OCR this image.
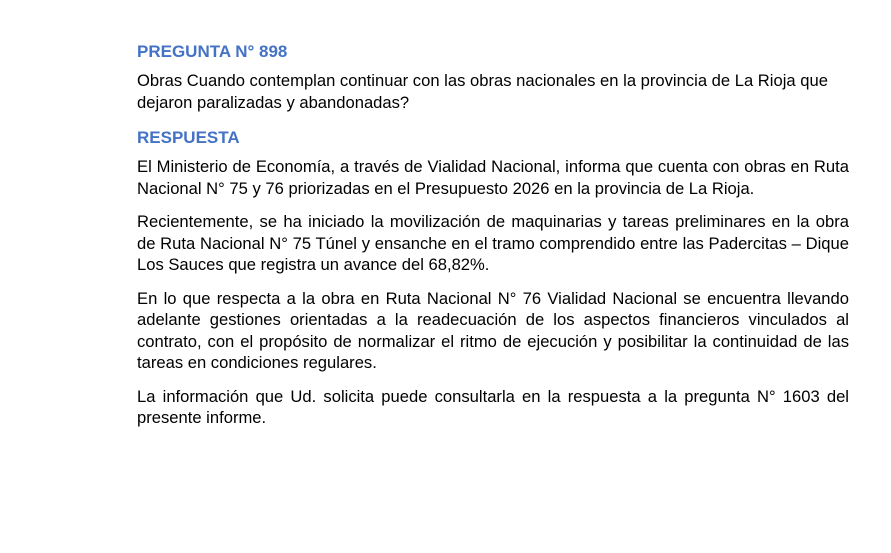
PREGUNTA N° 898

Obras Cuando contemplan continuar con las obras nacionales en la provincia de La Rioja que dejaron paralizadas y abandonadas?

RESPUESTA

El Ministerio de Economía, a través de Vialidad Nacional, informa que cuenta con obras en Ruta Nacional N° 75 y 76 priorizadas en el Presupuesto 2026 en la provincia de La Rioja.

Recientemente, se ha iniciado la movilización de maquinarias y tareas preliminares en la obra de Ruta Nacional N° 75 Túnel y ensanche en el tramo comprendido entre las Padercitas – Dique Los Sauces que registra un avance del 68,82%.

En lo que respecta a la obra en Ruta Nacional N° 76 Vialidad Nacional se encuentra llevando adelante gestiones orientadas a la readecuación de los aspectos financieros vinculados al contrato, con el propósito de normalizar el ritmo de ejecución y posibilitar la continuidad de las tareas en condiciones regulares.

La información que Ud. solicita puede consultarla en la respuesta a la pregunta N° 1603 del presente informe.
